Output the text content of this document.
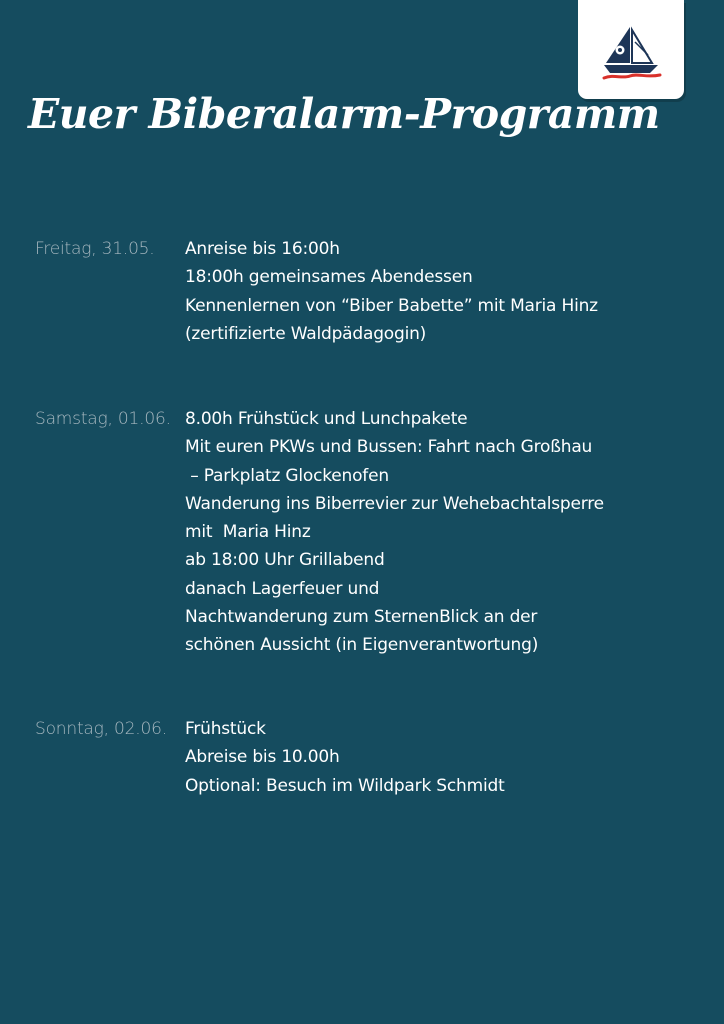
Euer Biberalarm-Programm
Freitag, 31.05. Anreise bis 16:00h
18:00h gemeinsames Abendessen
Kennenlernen von “Biber Babette” mit Maria Hinz
(zertifizierte Waldpädagogin)
Samstag, 01.06. 8.00h Frühstück und Lunchpakete
Mit euren PKWs und Bussen: Fahrt nach Großhau
– Parkplatz Glockenofen
Wanderung ins Biberrevier zur Wehebachtalsperre
mit  Maria Hinz
ab 18:00 Uhr Grillabend
danach Lagerfeuer und
Nachtwanderung zum SternenBlick an der
schönen Aussicht (in Eigenverantwortung)
Sonntag, 02.06. Frühstück
Abreise bis 10.00h
Optional: Besuch im Wildpark Schmidt
